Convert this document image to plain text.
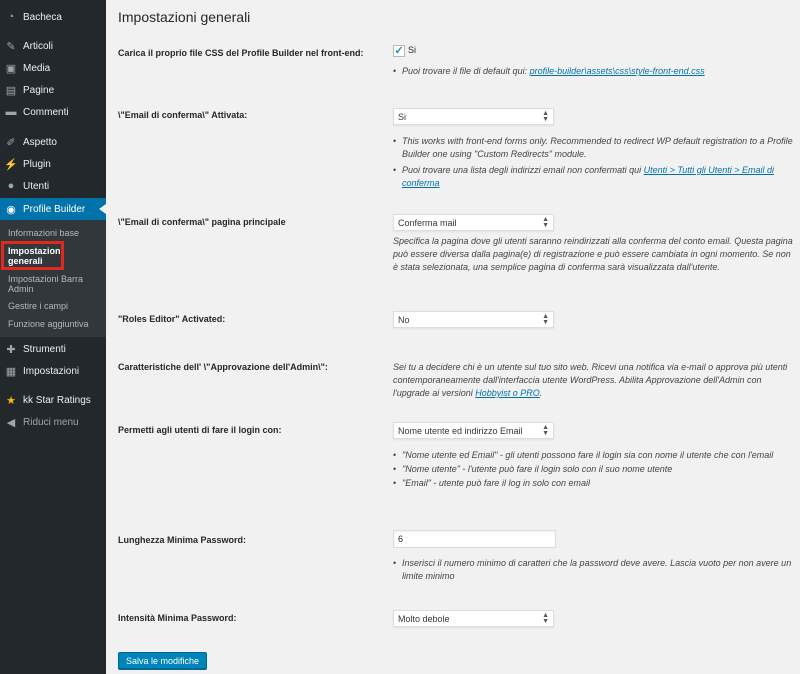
◔ Bacheca
✎ Articoli
▣ Media
▤ Pagine
▬ Commenti
✐ Aspetto
⚡ Plugin
● Utenti
◉ Profile Builder
Informazioni base
Impostazioni generali
Impostazioni Barra Admin
Gestire i campi
Funzione aggiuntiva
✚ Strumenti
▦ Impostazioni
★ kk Star Ratings
◀ Riduci menu
Impostazioni generali
Carica il proprio file CSS del Profile Builder nel front-end:	✓ Si
• Puoi trovare il file di default qui: profile-builder\assets\css\style-front-end.css
\"Email di conferma\" Attivata:	Si	▲
▼
• This works with front-end forms only. Recommended to redirect WP default registration to a Profile Builder one using "Custom Redirects" module.
• Puoi trovare una lista degli indirizzi email non confermati qui Utenti > Tutti gli Utenti > Email di conferma
\"Email di conferma\" pagina principale	Conferma mail	▲
▼
Specifica la pagina dove gli utenti saranno reindirizzati alla conferma del conto email. Questa pagina può essere diversa dalla pagina(e) di registrazione e può essere cambiata in ogni momento. Se non è stata selezionata, una semplice pagina di conferma sarà visualizzata dall'utente.
"Roles Editor" Activated:	No	▲
▼
Caratteristiche dell' \"Approvazione dell'Admin\":	Sei tu a decidere chi è un utente sul tuo sito web. Ricevi una notifica via e-mail o approva più utenti contemporaneamente dall'interfaccia utente WordPress. Abilita Approvazione dell'Admin con l'upgrade ai versioni Hobbyist o PRO.
Permetti agli utenti di fare il login con:	Nome utente ed indirizzo Email	▲
▼
• "Nome utente ed Email" - gli utenti possono fare il login sia con nome il utente che con l'email
• "Nome utente" - l'utente può fare il login solo con il suo nome utente
• "Email" - utente può fare il log in solo con email
Lunghezza Minima Password:	6
• Inserisci il numero minimo di caratteri che la password deve avere. Lascia vuoto per non avere un limite minimo
Intensità Minima Password:	Molto debole	▲
▼
Salva le modifiche
